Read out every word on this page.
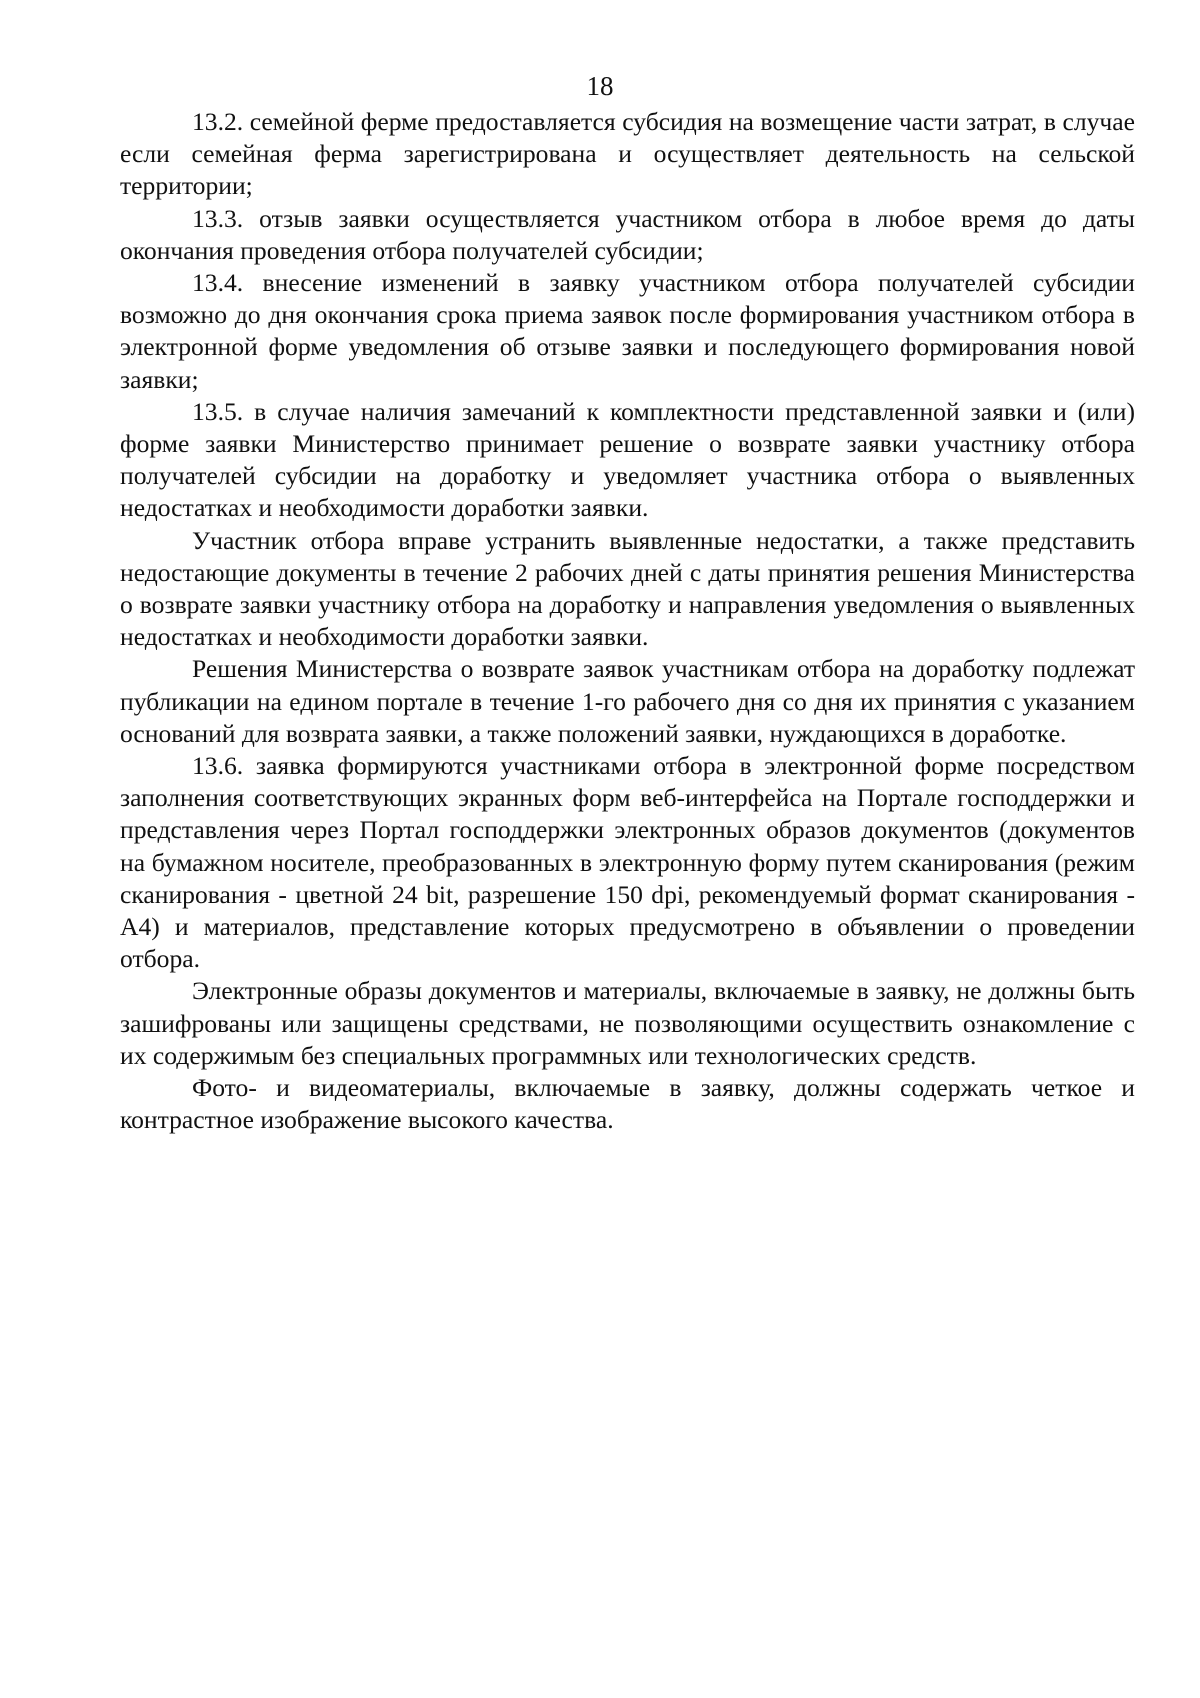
18

13.2. семейной ферме предоставляется субсидия на возмещение части затрат, в случае если семейная ферма зарегистрирована и осуществляет деятельность на сельской территории;

13.3. отзыв заявки осуществляется участником отбора в любое время до даты окончания проведения отбора получателей субсидии;

13.4. внесение изменений в заявку участником отбора получателей субсидии возможно до дня окончания срока приема заявок после формирования участником отбора в электронной форме уведомления об отзыве заявки и последующего формирования новой заявки;

13.5. в случае наличия замечаний к комплектности представленной заявки и (или) форме заявки Министерство принимает решение о возврате заявки участнику отбора получателей субсидии на доработку и уведомляет участника отбора о выявленных недостатках и необходимости доработки заявки.

Участник отбора вправе устранить выявленные недостатки, а также представить недостающие документы в течение 2 рабочих дней с даты принятия решения Министерства о возврате заявки участнику отбора на доработку и направления уведомления о выявленных недостатках и необходимости доработки заявки.

Решения Министерства о возврате заявок участникам отбора на доработку подлежат публикации на едином портале в течение 1-го рабочего дня со дня их принятия с указанием оснований для возврата заявки, а также положений заявки, нуждающихся в доработке.

13.6. заявка формируются участниками отбора в электронной форме посредством заполнения соответствующих экранных форм веб-интерфейса на Портале господдержки и представления через Портал господдержки электронных образов документов (документов на бумажном носителе, преобразованных в электронную форму путем сканирования (режим сканирования - цветной 24 bit, разрешение 150 dpi, рекомендуемый формат сканирования - А4) и материалов, представление которых предусмотрено в объявлении о проведении отбора.

Электронные образы документов и материалы, включаемые в заявку, не должны быть зашифрованы или защищены средствами, не позволяющими осуществить ознакомление с их содержимым без специальных программных или технологических средств.

Фото- и видеоматериалы, включаемые в заявку, должны содержать четкое и контрастное изображение высокого качества.
